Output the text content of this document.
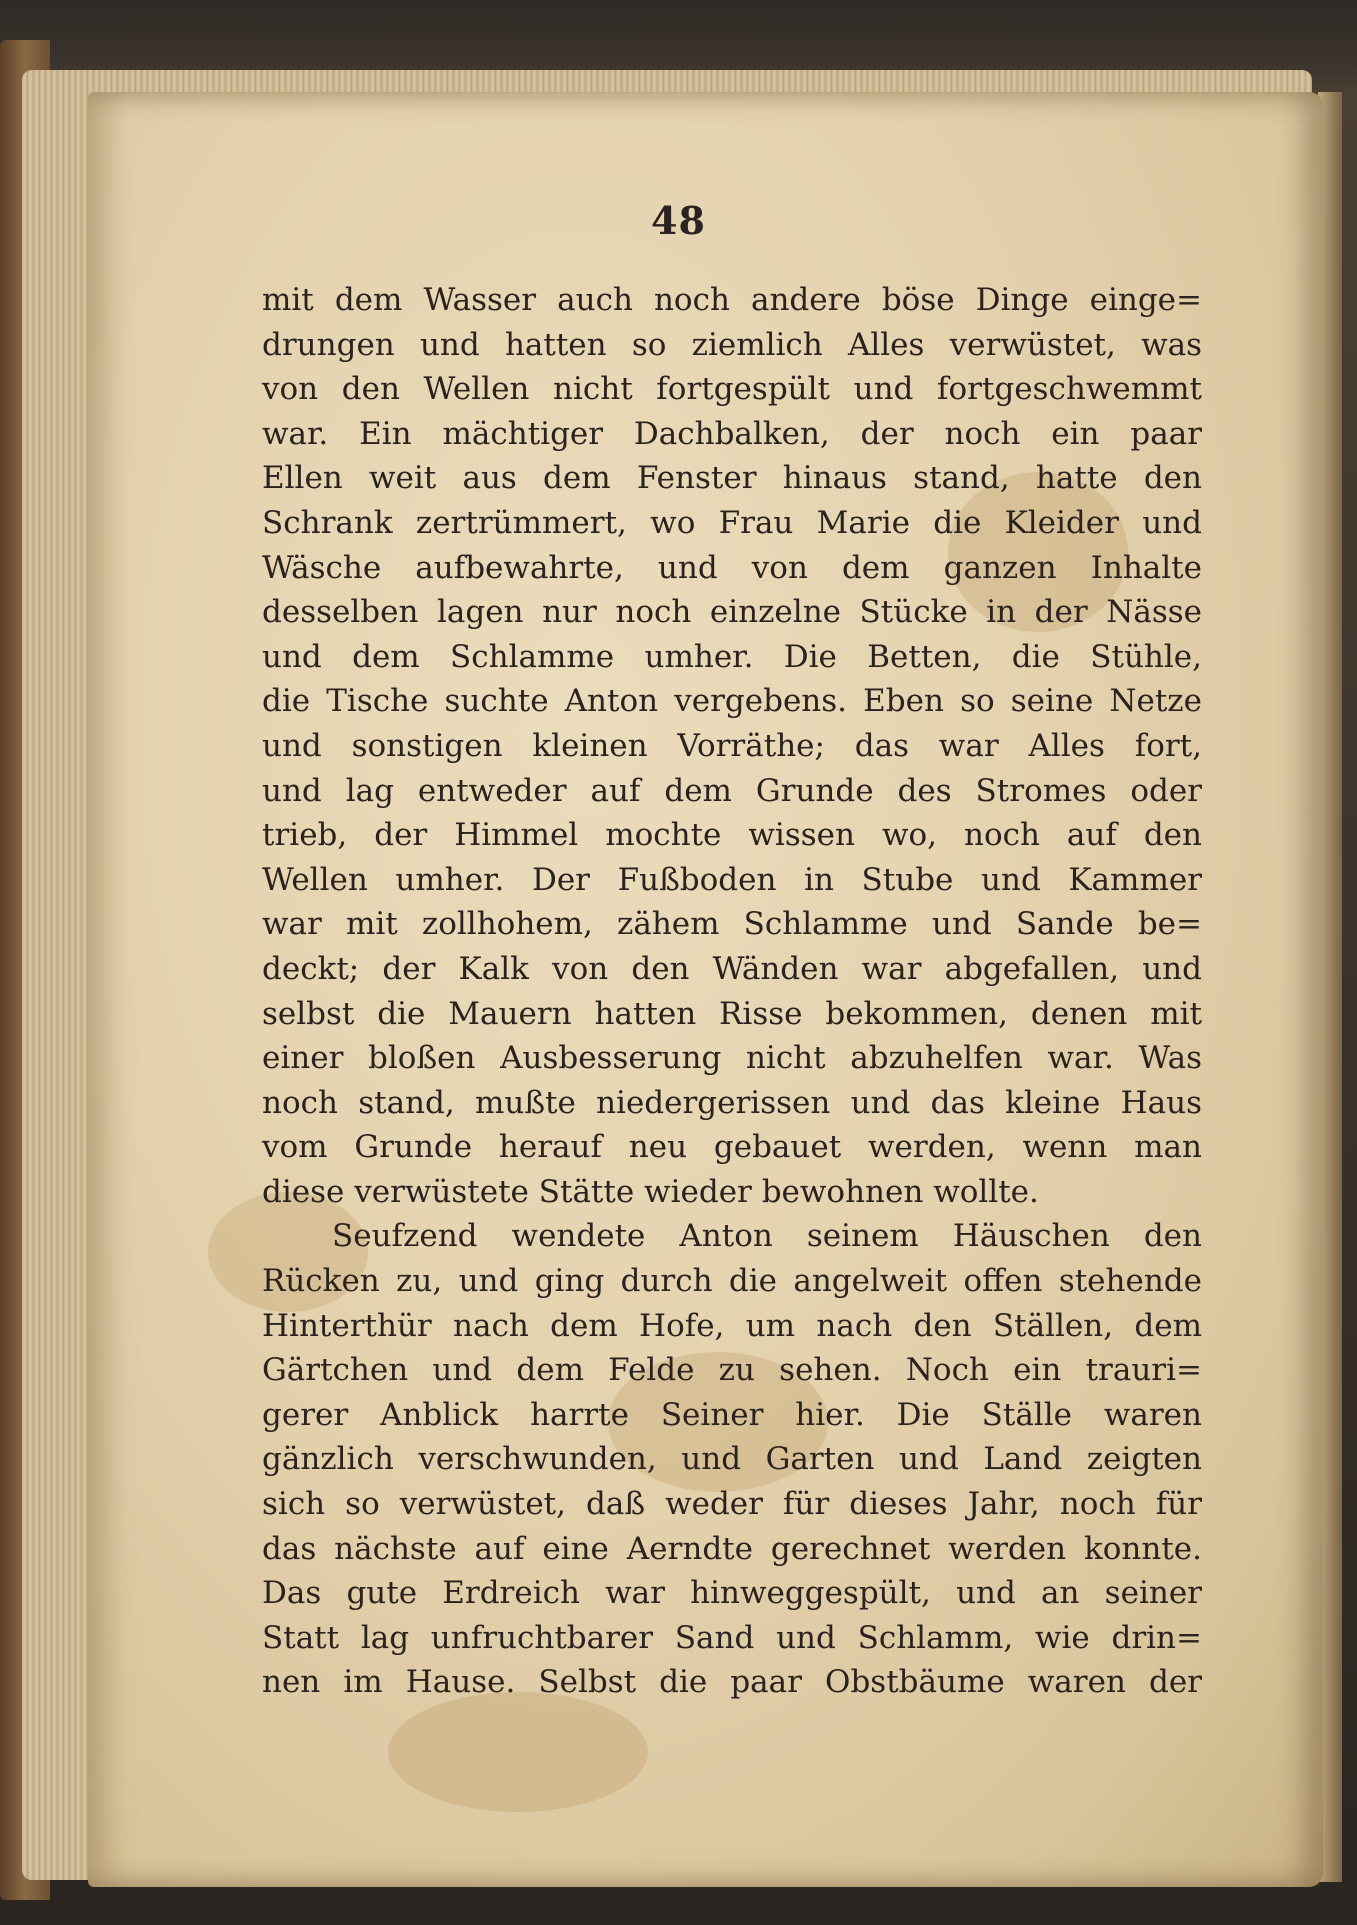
48
mit dem Wasser auch noch andere böse Dinge einge=
drungen und hatten so ziemlich Alles verwüstet, was
von den Wellen nicht fortgespült und fortgeschwemmt
war. Ein mächtiger Dachbalken, der noch ein paar
Ellen weit aus dem Fenster hinaus stand, hatte den
Schrank zertrümmert, wo Frau Marie die Kleider und
Wäsche aufbewahrte, und von dem ganzen Inhalte
desselben lagen nur noch einzelne Stücke in der Nässe
und dem Schlamme umher. Die Betten, die Stühle,
die Tische suchte Anton vergebens. Eben so seine Netze
und sonstigen kleinen Vorräthe; das war Alles fort,
und lag entweder auf dem Grunde des Stromes oder
trieb, der Himmel mochte wissen wo, noch auf den
Wellen umher. Der Fußboden in Stube und Kammer
war mit zollhohem, zähem Schlamme und Sande be=
deckt; der Kalk von den Wänden war abgefallen, und
selbst die Mauern hatten Risse bekommen, denen mit
einer bloßen Ausbesserung nicht abzuhelfen war. Was
noch stand, mußte niedergerissen und das kleine Haus
vom Grunde herauf neu gebauet werden, wenn man
diese verwüstete Stätte wieder bewohnen wollte.
Seufzend wendete Anton seinem Häuschen den
Rücken zu, und ging durch die angelweit offen stehende
Hinterthür nach dem Hofe, um nach den Ställen, dem
Gärtchen und dem Felde zu sehen. Noch ein trauri=
gerer Anblick harrte Seiner hier. Die Ställe waren
gänzlich verschwunden, und Garten und Land zeigten
sich so verwüstet, daß weder für dieses Jahr, noch für
das nächste auf eine Aerndte gerechnet werden konnte.
Das gute Erdreich war hinweggespült, und an seiner
Statt lag unfruchtbarer Sand und Schlamm, wie drin=
nen im Hause. Selbst die paar Obstbäume waren der
